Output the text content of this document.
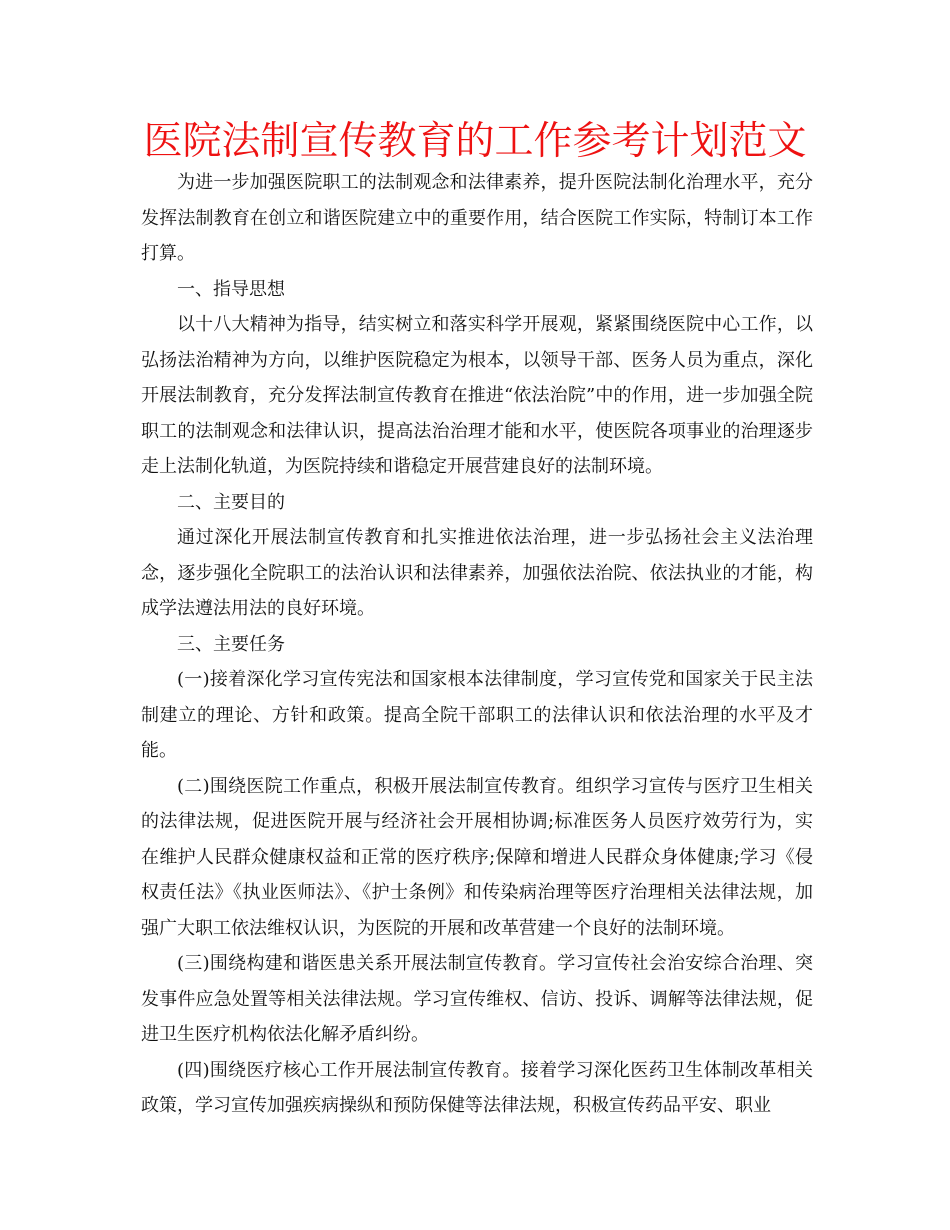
医院法制宣传教育的工作参考计划范文

为进一步加强医院职工的法制观念和法律素养，提升医院法制化治理水平，充分发挥法制教育在创立和谐医院建立中的重要作用，结合医院工作实际，特制订本工作打算。

一、指导思想

以十八大精神为指导，结实树立和落实科学开展观，紧紧围绕医院中心工作，以弘扬法治精神为方向，以维护医院稳定为根本，以领导干部、医务人员为重点，深化开展法制教育，充分发挥法制宣传教育在推进“依法治院”中的作用，进一步加强全院职工的法制观念和法律认识，提高法治治理才能和水平，使医院各项事业的治理逐步走上法制化轨道，为医院持续和谐稳定开展营建良好的法制环境。

二、主要目的

通过深化开展法制宣传教育和扎实推进依法治理，进一步弘扬社会主义法治理念，逐步强化全院职工的法治认识和法律素养，加强依法治院、依法执业的才能，构成学法遵法用法的良好环境。

三、主要任务

(一)接着深化学习宣传宪法和国家根本法律制度，学习宣传党和国家关于民主法制建立的理论、方针和政策。提高全院干部职工的法律认识和依法治理的水平及才能。

(二)围绕医院工作重点，积极开展法制宣传教育。组织学习宣传与医疗卫生相关的法律法规，促进医院开展与经济社会开展相协调;标准医务人员医疗效劳行为，实在维护人民群众健康权益和正常的医疗秩序;保障和增进人民群众身体健康;学习《侵权责任法》《执业医师法》、《护士条例》和传染病治理等医疗治理相关法律法规，加强广大职工依法维权认识，为医院的开展和改革营建一个良好的法制环境。

(三)围绕构建和谐医患关系开展法制宣传教育。学习宣传社会治安综合治理、突发事件应急处置等相关法律法规。学习宣传维权、信访、投诉、调解等法律法规，促进卫生医疗机构依法化解矛盾纠纷。

(四)围绕医疗核心工作开展法制宣传教育。接着学习深化医药卫生体制改革相关政策，学习宣传加强疾病操纵和预防保健等法律法规，积极宣传药品平安、职业
